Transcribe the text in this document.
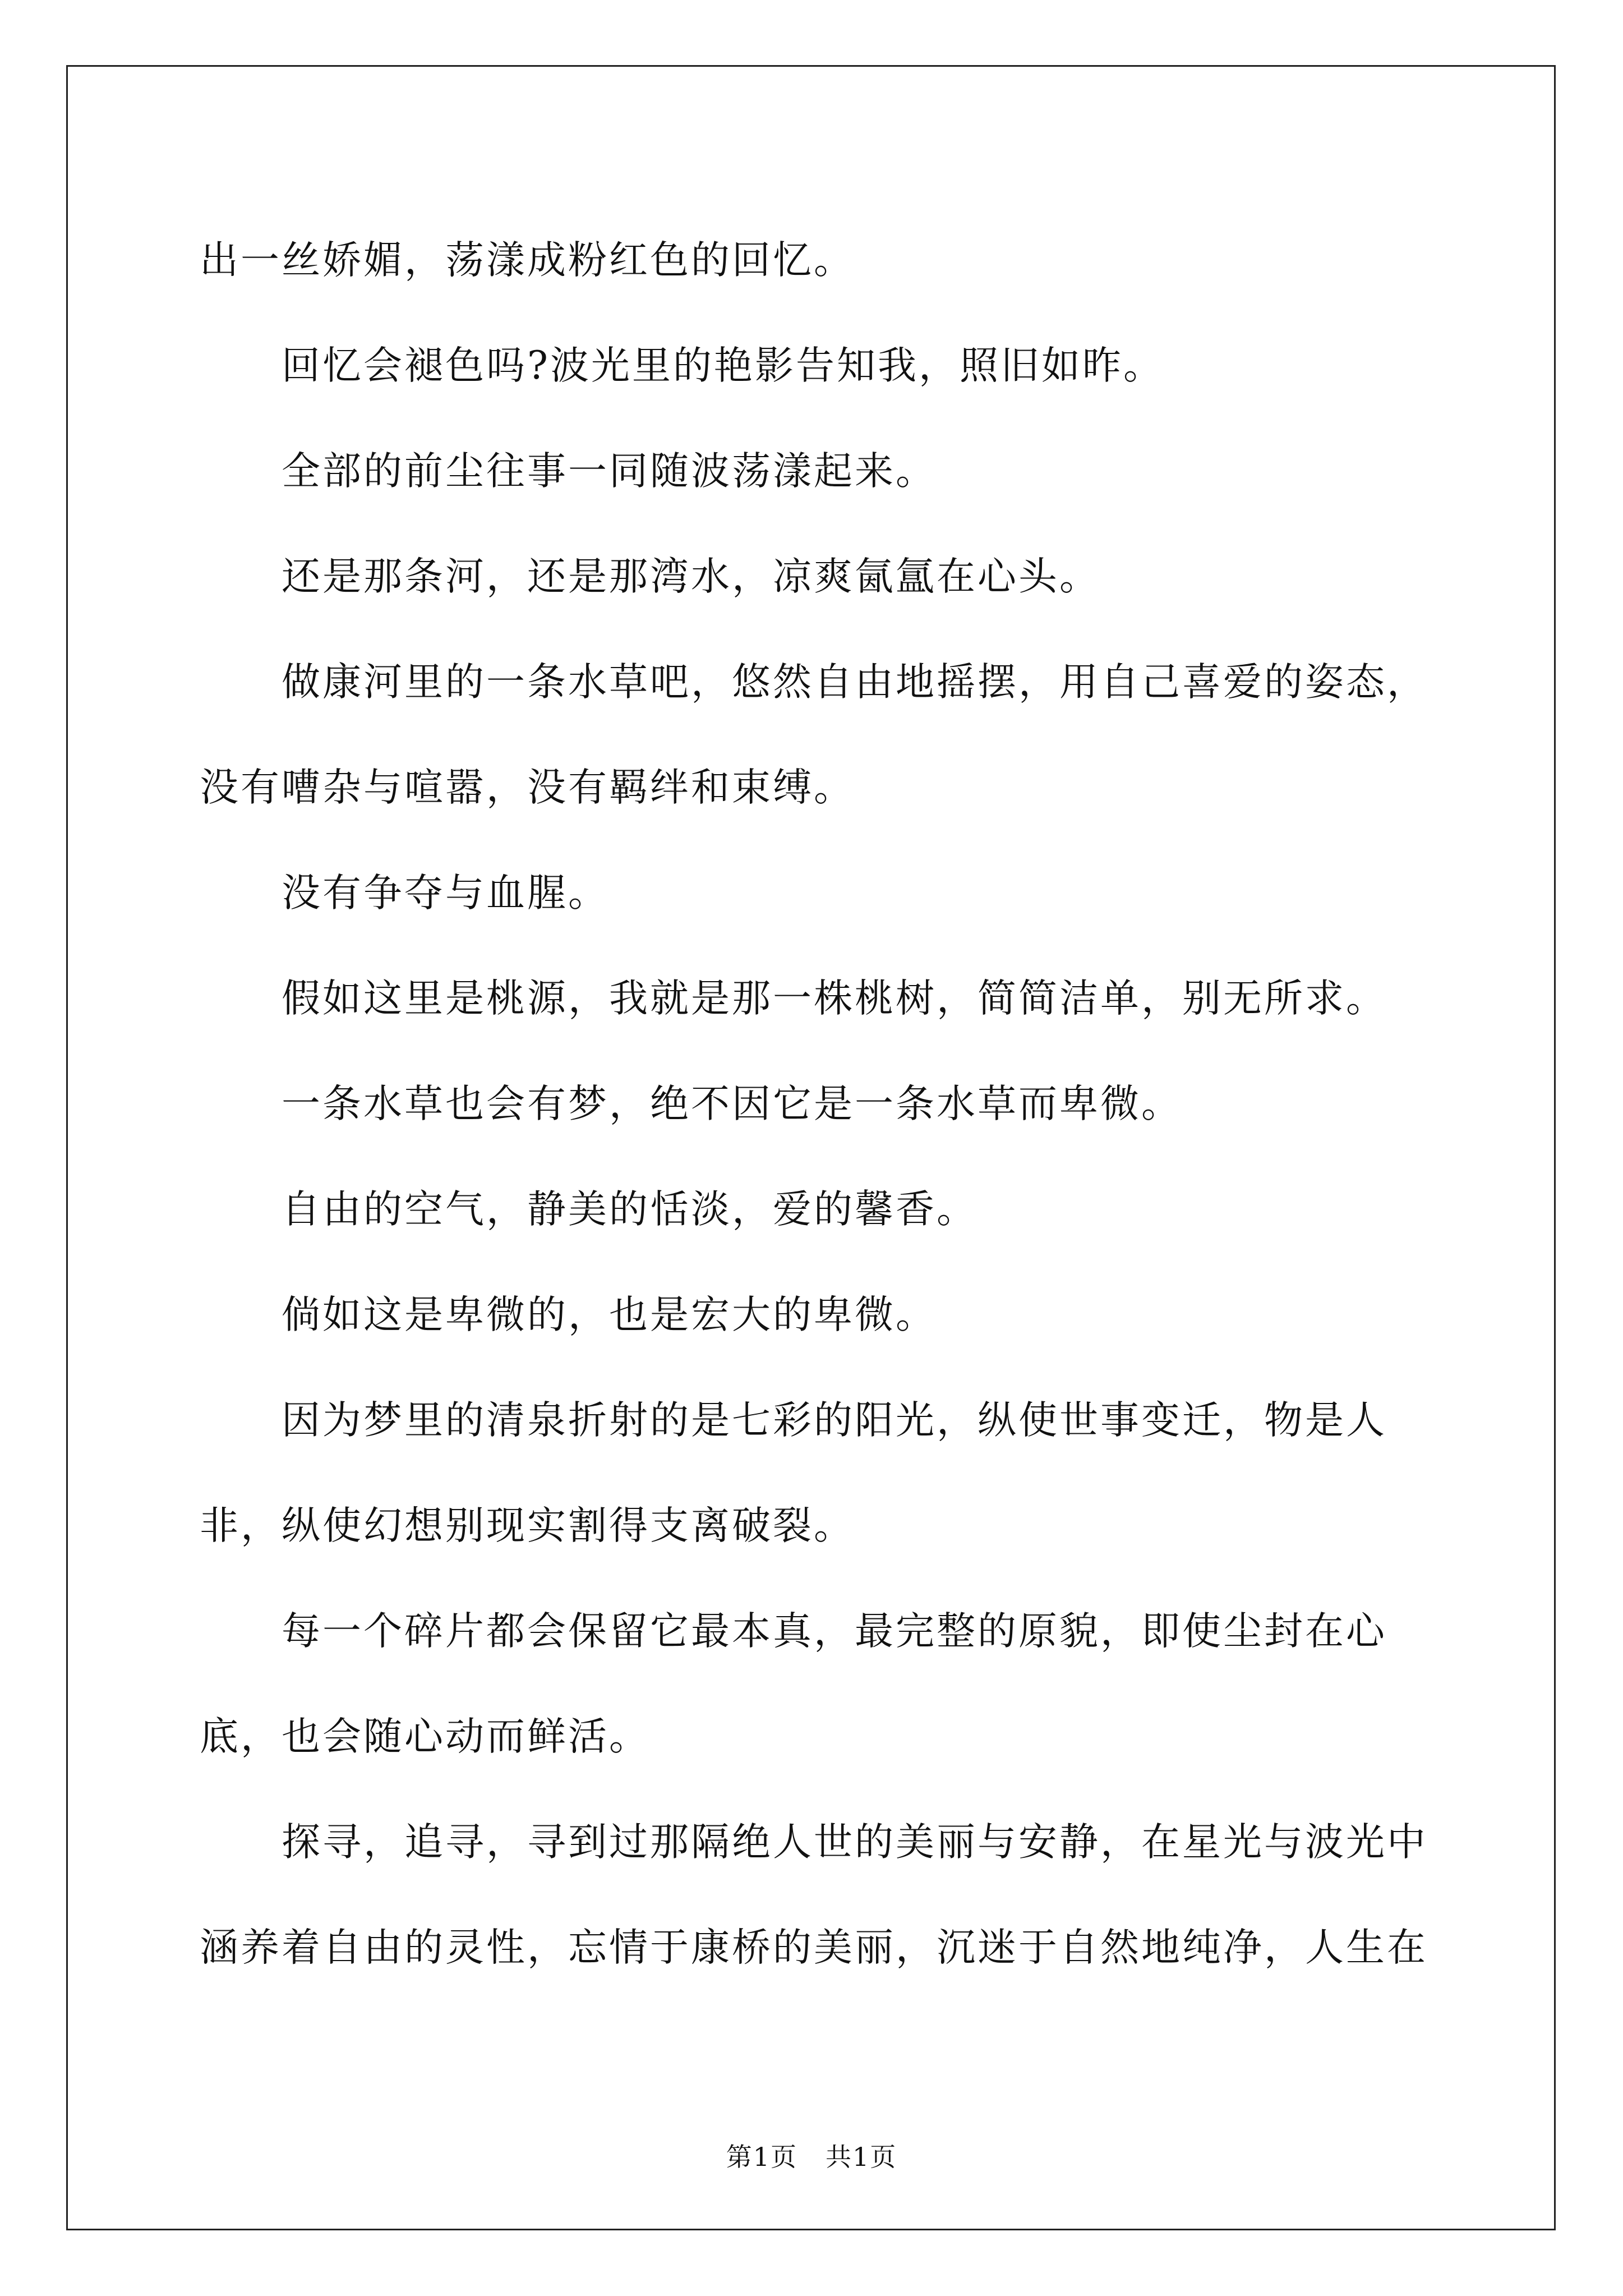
出一丝娇媚，荡漾成粉红色的回忆。

回忆会褪色吗?波光里的艳影告知我，照旧如昨。

全部的前尘往事一同随波荡漾起来。

还是那条河，还是那湾水，凉爽氤氲在心头。

做康河里的一条水草吧，悠然自由地摇摆，用自己喜爱的姿态，没有嘈杂与喧嚣，没有羁绊和束缚。

没有争夺与血腥。

假如这里是桃源，我就是那一株桃树，简简洁单，别无所求。

一条水草也会有梦，绝不因它是一条水草而卑微。

自由的空气，静美的恬淡，爱的馨香。

倘如这是卑微的，也是宏大的卑微。

因为梦里的清泉折射的是七彩的阳光，纵使世事变迁，物是人非，纵使幻想别现实割得支离破裂。

每一个碎片都会保留它最本真，最完整的原貌，即使尘封在心底，也会随心动而鲜活。

探寻，追寻，寻到过那隔绝人世的美丽与安静，在星光与波光中涵养着自由的灵性，忘情于康桥的美丽，沉迷于自然地纯净，人生在

第1页 共1页
